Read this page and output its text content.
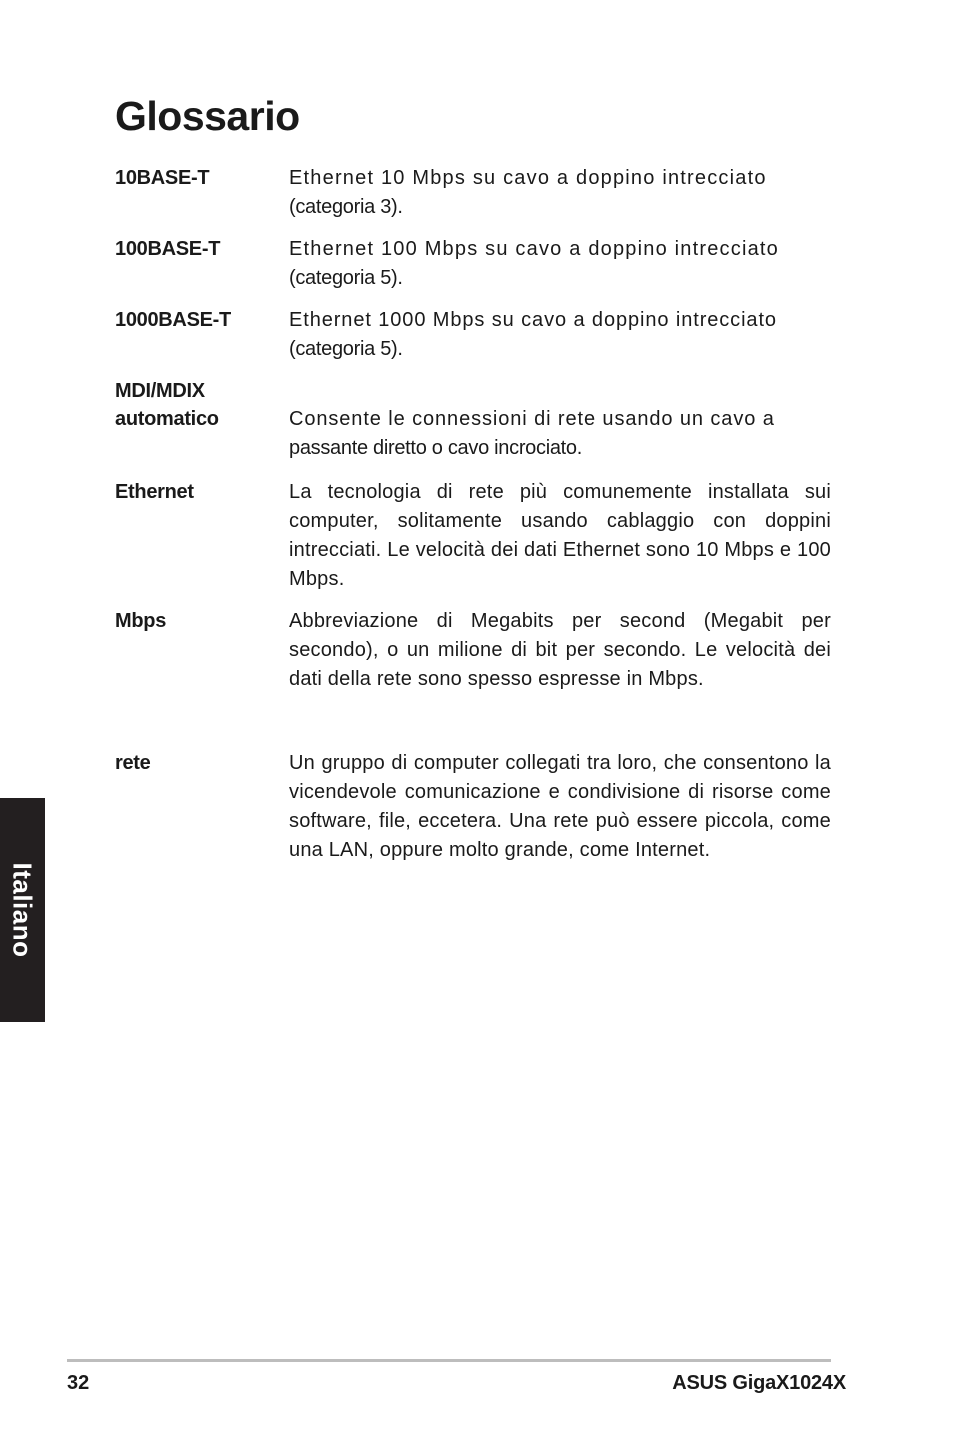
Glossario
10BASE-T	Ethernet 10 Mbps su cavo a doppino intrecciato
(categoria 3).
100BASE-T	Ethernet 100 Mbps su cavo a doppino intrecciato
(categoria 5).
1000BASE-T	Ethernet 1000 Mbps su cavo a doppino intrecciato
(categoria 5).
MDI/MDIX
automatico	Consente le connessioni di rete usando un cavo a
passante diretto o cavo incrociato.
Ethernet	La tecnologia di rete più comunemente installata sui computer, solitamente usando cablaggio con doppini intrecciati. Le velocità dei dati Ethernet sono 10 Mbps e 100 Mbps.
Mbps	Abbreviazione di Megabits per second (Megabit per secondo), o un milione di bit per secondo. Le velocità dei dati della rete sono spesso espresse in Mbps.
rete	Un gruppo di computer collegati tra loro, che consentono la vicendevole comunicazione e condivisione di risorse come software, file, eccetera. Una rete può essere piccola, come una LAN, oppure molto grande, come Internet.
Italiano
32	ASUS GigaX1024X
